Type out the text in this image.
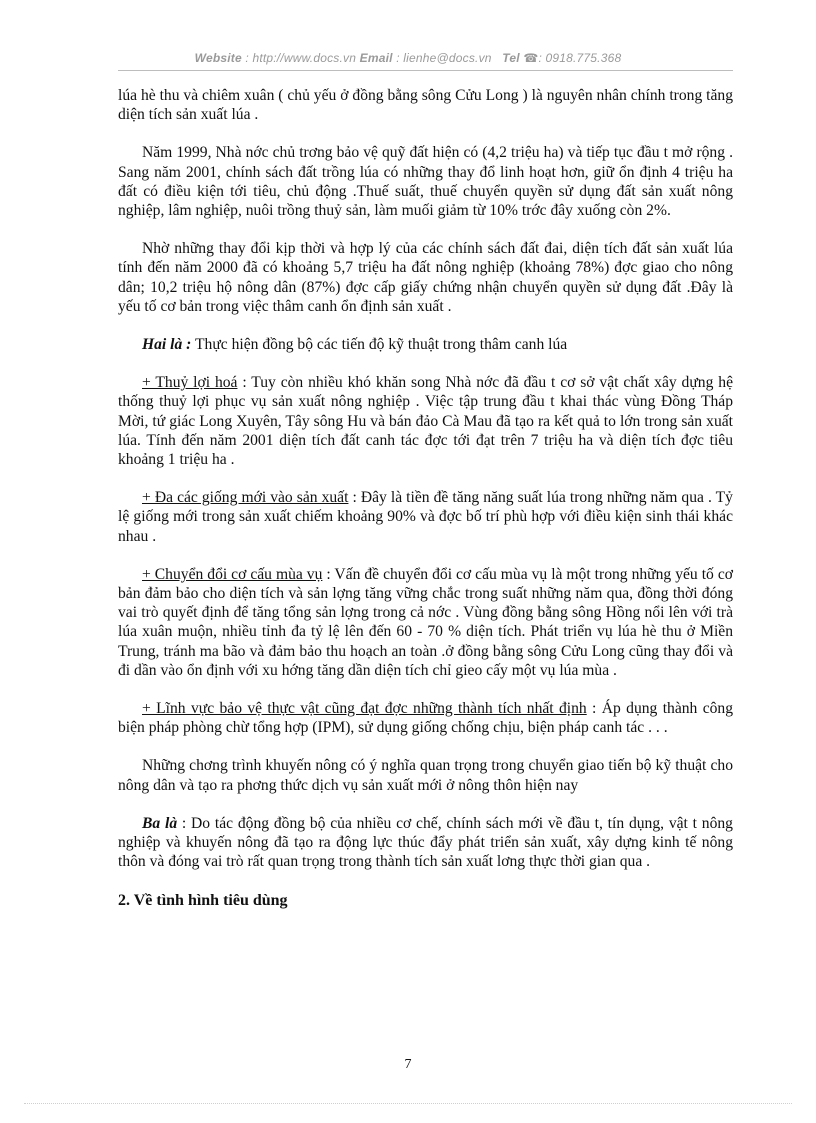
Website : http://www.docs.vn Email : lienhe@docs.vn Tel ☎: 0918.775.368

lúa hè thu và chiêm xuân ( chủ yếu ở đồng bằng sông Cửu Long ) là nguyên nhân chính trong tăng diện tích sản xuất lúa .

Năm 1999, Nhà nớc chủ trơng bảo vệ quỹ đất hiện có (4,2 triệu ha) và tiếp tục đầu t mở rộng . Sang năm 2001, chính sách đất trồng lúa có những thay đổ linh hoạt hơn, giữ ổn định 4 triệu ha đất có điều kiện tới tiêu, chủ động .Thuế suất, thuế chuyển quyền sử dụng đất sản xuất nông nghiệp, lâm nghiệp, nuôi trồng thuỷ sản, làm muối giảm từ 10% trớc đây xuống còn 2%.

Nhờ những thay đổi kịp thời và hợp lý của các chính sách đất đai, diện tích đất sản xuất lúa tính đến năm 2000 đã có khoảng 5,7 triệu ha đất nông nghiệp (khoảng 78%) đợc giao cho nông dân; 10,2 triệu hộ nông dân (87%) đợc cấp giấy chứng nhận chuyển quyền sử dụng đất .Đây là yếu tố cơ bản trong việc thâm canh ổn định sản xuất .

Hai là : Thực hiện đồng bộ các tiến độ kỹ thuật trong thâm canh lúa

+ Thuỷ lợi hoá : Tuy còn nhiều khó khăn song Nhà nớc đã đầu t cơ sở vật chất xây dựng hệ thống thuỷ lợi phục vụ sản xuất nông nghiệp . Việc tập trung đầu t khai thác vùng Đồng Tháp Mời, tứ giác Long Xuyên, Tây sông Hu và bán đảo Cà Mau đã tạo ra kết quả to lớn trong sản xuất lúa. Tính đến năm 2001 diện tích đất canh tác đợc tới đạt trên 7 triệu ha và diện tích đợc tiêu khoảng 1 triệu ha .

+ Đa các giống mới vào sản xuất : Đây là tiền đề tăng năng suất lúa trong những năm qua . Tỷ lệ giống mới trong sản xuất chiếm khoảng 90% và đợc bố trí phù hợp với điều kiện sinh thái khác nhau .

+ Chuyển đổi cơ cấu mùa vụ : Vấn đề chuyển đổi cơ cấu mùa vụ là một trong những yếu tố cơ bản đảm bảo cho diện tích và sản lợng tăng vững chắc trong suất những năm qua, đồng thời đóng vai trò quyết định để tăng tổng sản lợng trong cả nớc . Vùng đồng bằng sông Hồng nổi lên với trà lúa xuân muộn, nhiều tỉnh đa tỷ lệ lên đến 60 - 70 % diện tích. Phát triển vụ lúa hè thu ở Miền Trung, tránh ma bão và đảm bảo thu hoạch an toàn .ở đồng bằng sông Cửu Long cũng thay đổi và đi dần vào ổn định với xu hớng tăng dần diện tích chỉ gieo cấy một vụ lúa mùa .

+ Lĩnh vực bảo vệ thực vật cũng đạt đợc những thành tích nhất định : Áp dụng thành công biện pháp phòng chừ tổng hợp (IPM), sử dụng giống chống chịu, biện pháp canh tác . . .

Những chơng trình khuyến nông có ý nghĩa quan trọng trong chuyển giao tiến bộ kỹ thuật cho nông dân và tạo ra phơng thức dịch vụ sản xuất mới ở nông thôn hiện nay

Ba là : Do tác động đồng bộ của nhiều cơ chế, chính sách mới về đầu t, tín dụng, vật t nông nghiệp và khuyến nông đã tạo ra động lực thúc đẩy phát triển sản xuất, xây dựng kinh tế nông thôn và đóng vai trò rất quan trọng trong thành tích sản xuất lơng thực thời gian qua .

2. Về tình hình tiêu dùng
7
